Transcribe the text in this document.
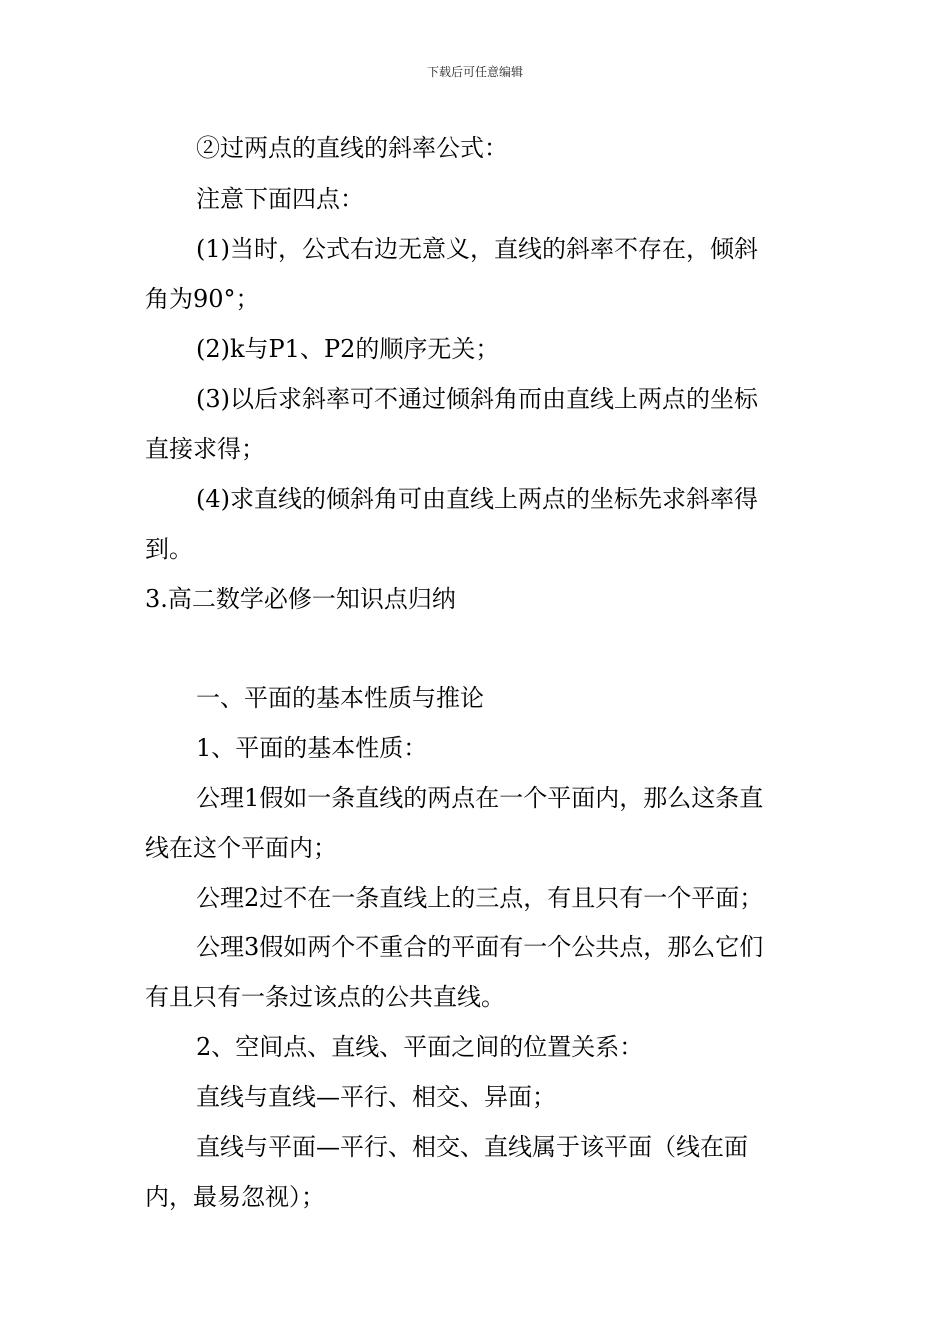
下载后可任意编辑
②过两点的直线的斜率公式：
注意下面四点：
(1)当时，公式右边无意义，直线的斜率不存在，倾斜
角为90°；
(2)k与P1、P2的顺序无关；
(3)以后求斜率可不通过倾斜角而由直线上两点的坐标
直接求得；
(4)求直线的倾斜角可由直线上两点的坐标先求斜率得
到。
3.高二数学必修一知识点归纳
一、平面的基本性质与推论
1、平面的基本性质：
公理1假如一条直线的两点在一个平面内，那么这条直
线在这个平面内；
公理2过不在一条直线上的三点，有且只有一个平面；
公理3假如两个不重合的平面有一个公共点，那么它们
有且只有一条过该点的公共直线。
2、空间点、直线、平面之间的位置关系：
直线与直线—平行、相交、异面；
直线与平面—平行、相交、直线属于该平面（线在面
内，最易忽视）；
